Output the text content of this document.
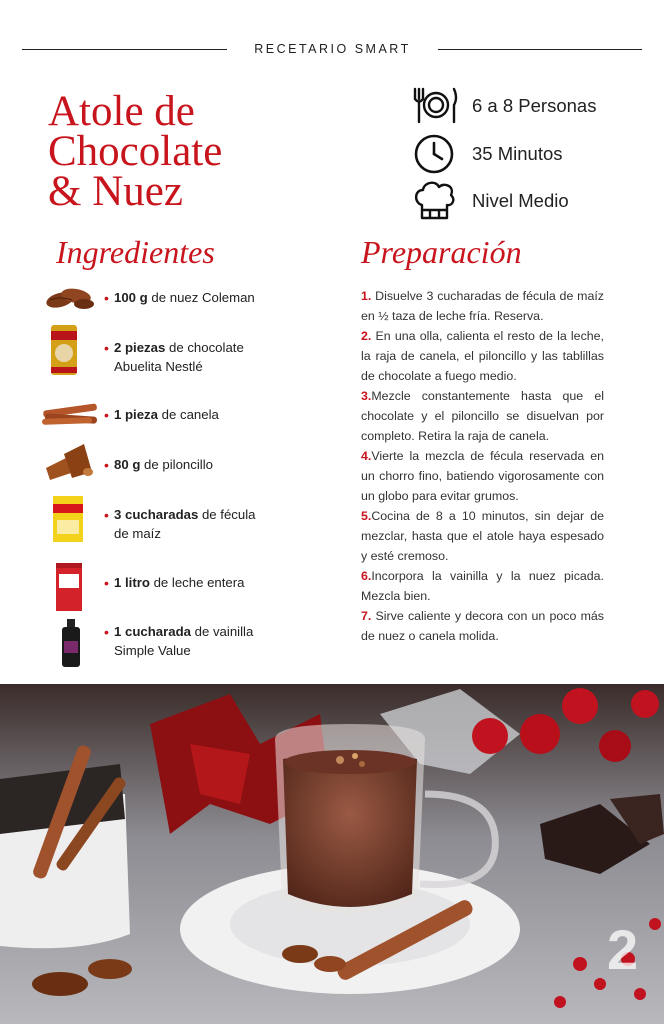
RECETARIO SMART
Atole de
Chocolate
& Nuez
6 a 8 Personas
35 Minutos
Nivel Medio
Ingredientes	Preparación
• 100 g de nuez Coleman
• 2 piezas de chocolate
Abuelita Nestlé
• 1 pieza de canela
• 80 g de piloncillo
• 3 cucharadas de fécula
de maíz
• 1 litro de leche entera
• 1 cucharada de vainilla
Simple Value

1. Disuelve 3 cucharadas de fécula de maíz en ½ taza de leche fría. Reserva.

2. En una olla, calienta el resto de la leche, la raja de canela, el piloncillo y las tablillas de chocolate a fuego medio.

3.Mezcle constantemente hasta que el chocolate y el piloncillo se disuelvan por completo. Retira la raja de canela.

4.Vierte la mezcla de fécula reservada en un chorro fino, batiendo vigorosamente con un globo para evitar grumos.

5.Cocina de 8 a 10 minutos, sin dejar de mezclar, hasta que el atole haya espesado y esté cremoso.

6.Incorpora la vainilla y la nuez picada. Mezcla bien.

7. Sirve caliente y decora con un poco más de nuez o canela molida.

2
